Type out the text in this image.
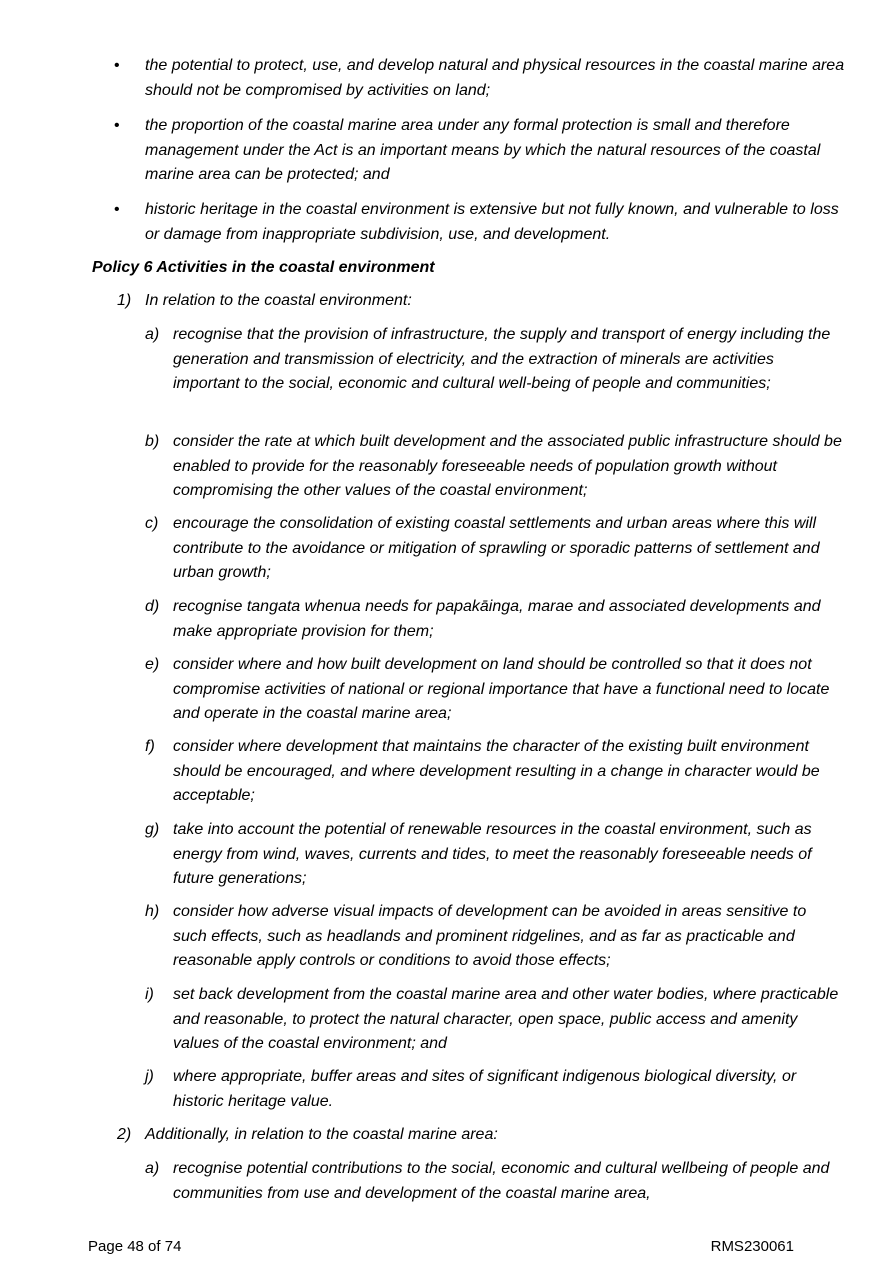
• the potential to protect, use, and develop natural and physical resources in the coastal marine area should not be compromised by activities on land;

• the proportion of the coastal marine area under any formal protection is small and therefore management under the Act is an important means by which the natural resources of the coastal marine area can be protected; and

• historic heritage in the coastal environment is extensive but not fully known, and vulnerable to loss or damage from inappropriate subdivision, use, and development.

Policy 6 Activities in the coastal environment

1) In relation to the coastal environment:

a) recognise that the provision of infrastructure, the supply and transport of energy including the generation and transmission of electricity, and the extraction of minerals are activities important to the social, economic and cultural well-being of people and communities;

b) consider the rate at which built development and the associated public infrastructure should be enabled to provide for the reasonably foreseeable needs of population growth without compromising the other values of the coastal environment;

c) encourage the consolidation of existing coastal settlements and urban areas where this will contribute to the avoidance or mitigation of sprawling or sporadic patterns of settlement and urban growth;

d) recognise tangata whenua needs for papakāinga, marae and associated developments and make appropriate provision for them;

e) consider where and how built development on land should be controlled so that it does not compromise activities of national or regional importance that have a functional need to locate and operate in the coastal marine area;

f) consider where development that maintains the character of the existing built environment should be encouraged, and where development resulting in a change in character would be acceptable;

g) take into account the potential of renewable resources in the coastal environment, such as energy from wind, waves, currents and tides, to meet the reasonably foreseeable needs of future generations;

h) consider how adverse visual impacts of development can be avoided in areas sensitive to such effects, such as headlands and prominent ridgelines, and as far as practicable and reasonable apply controls or conditions to avoid those effects;

i) set back development from the coastal marine area and other water bodies, where practicable and reasonable, to protect the natural character, open space, public access and amenity values of the coastal environment; and

j) where appropriate, buffer areas and sites of significant indigenous biological diversity, or historic heritage value.

2) Additionally, in relation to the coastal marine area:

a) recognise potential contributions to the social, economic and cultural wellbeing of people and communities from use and development of the coastal marine area,

Page 48 of 74	RMS230061
